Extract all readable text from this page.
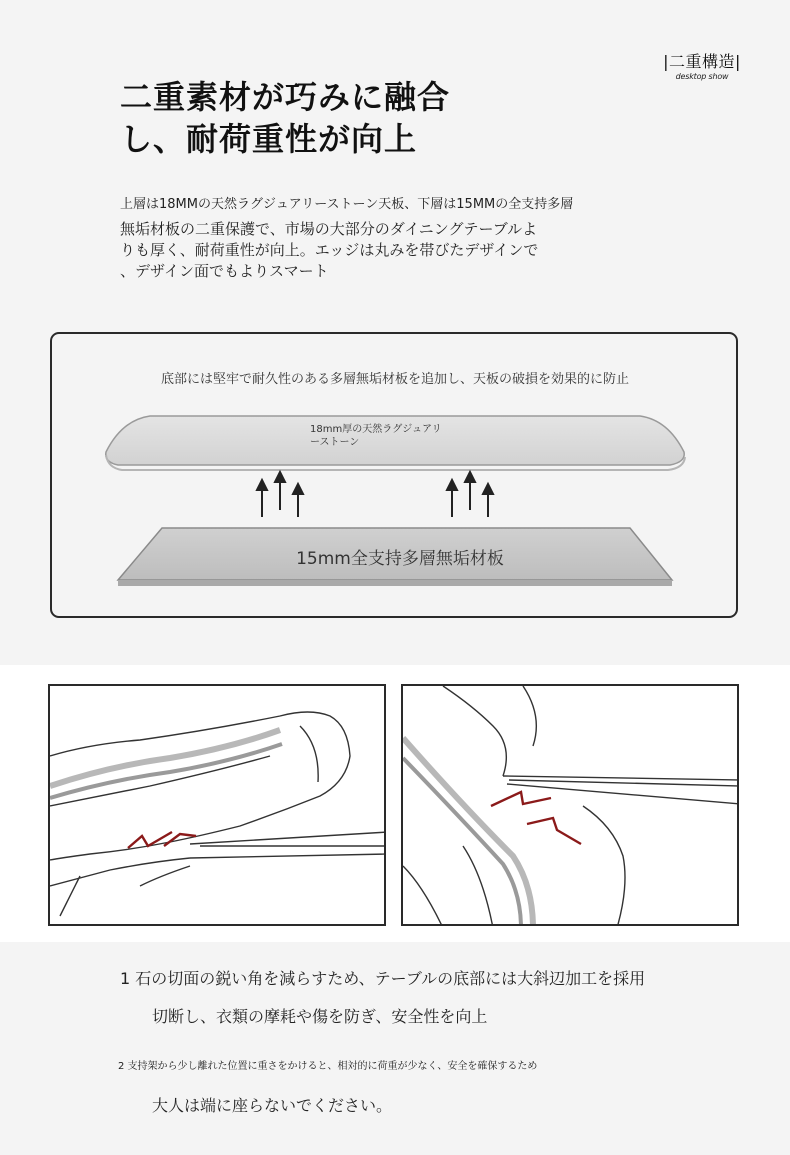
|二重構造|
desktop show
二重素材が巧みに融合
し、耐荷重性が向上
上層は18MMの天然ラグジュアリーストーン天板、下層は15MMの全支持多層
無垢材板の二重保護で、市場の大部分のダイニングテーブルよ
りも厚く、耐荷重性が向上。エッジは丸みを帯びたデザインで
、デザイン面でもよりスマート
底部には堅牢で耐久性のある多層無垢材板を追加し、天板の破損を効果的に防止
18mm厚の天然ラグジュアリ
ーストーン
15mm全支持多層無垢材板
1 石の切面の鋭い角を減らすため、テーブルの底部には大斜辺加工を採用
切断し、衣類の摩耗や傷を防ぎ、安全性を向上
2 支持架から少し離れた位置に重さをかけると、相対的に荷重が少なく、安全を確保するため
大人は端に座らないでください。
